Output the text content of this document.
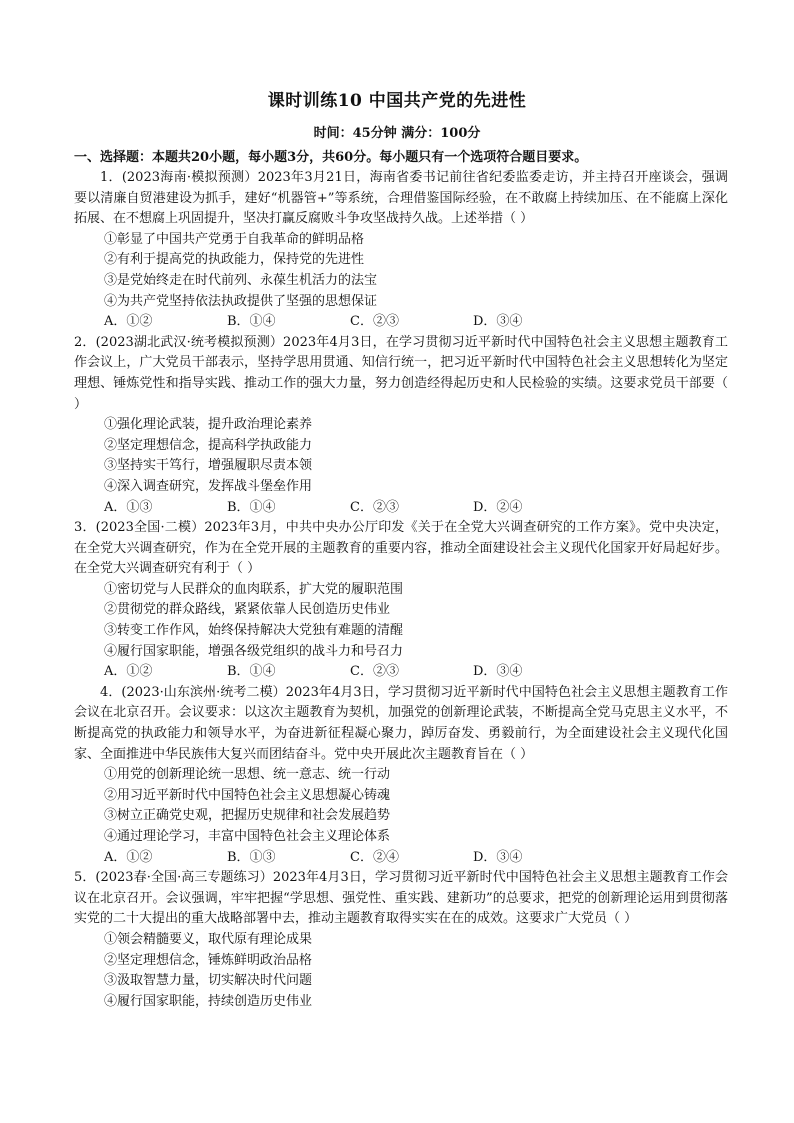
课时训练10 中国共产党的先进性
时间：45分钟 满分：100分
一、选择题：本题共20小题，每小题3分，共60分。每小题只有一个选项符合题目要求。

1．(2023海南·模拟预测）2023年3月21日，海南省委书记前往省纪委监委走访，并主持召开座谈会，强调要以清廉自贸港建设为抓手，建好“机器管+”等系统，合理借鉴国际经验，在不敢腐上持续加压、在不能腐上深化拓展、在不想腐上巩固提升，坚决打赢反腐败斗争攻坚战持久战。上述举措（ ）

①彰显了中国共产党勇于自我革命的鲜明品格

②有利于提高党的执政能力，保持党的先进性

③是党始终走在时代前列、永葆生机活力的法宝

④为共产党坚持依法执政提供了坚强的思想保证

A．①②	B．①④	C．②③	D．③④

2．(2023湖北武汉·统考模拟预测）2023年4月3日，在学习贯彻习近平新时代中国特色社会主义思想主题教育工作会议上，广大党员干部表示，坚持学思用贯通、知信行统一，把习近平新时代中国特色社会主义思想转化为坚定理想、锤炼党性和指导实践、推动工作的强大力量，努力创造经得起历史和人民检验的实绩。这要求党员干部要（ ）

①强化理论武装，提升政治理论素养

②坚定理想信念，提高科学执政能力

③坚持实干笃行，增强履职尽责本领

④深入调查研究，发挥战斗堡垒作用

A．①③	B．①④	C．②③	D．②④

3．(2023全国·二模）2023年3月，中共中央办公厅印发《关于在全党大兴调查研究的工作方案》。党中央决定，在全党大兴调查研究，作为在全党开展的主题教育的重要内容，推动全面建设社会主义现代化国家开好局起好步。在全党大兴调查研究有利于（ ）

①密切党与人民群众的血肉联系，扩大党的履职范围

②贯彻党的群众路线，紧紧依靠人民创造历史伟业

③转变工作作风，始终保持解决大党独有难题的清醒

④履行国家职能，增强各级党组织的战斗力和号召力

A．①②	B．①④	C．②③	D．③④

4．(2023·山东滨州·统考二模）2023年4月3日，学习贯彻习近平新时代中国特色社会主义思想主题教育工作会议在北京召开。会议要求：以这次主题教育为契机，加强党的创新理论武装，不断提高全党马克思主义水平，不断提高党的执政能力和领导水平，为奋进新征程凝心聚力，踔厉奋发、勇毅前行，为全面建设社会主义现代化国家、全面推进中华民族伟大复兴而团结奋斗。党中央开展此次主题教育旨在（ ）

①用党的创新理论统一思想、统一意志、统一行动

②用习近平新时代中国特色社会主义思想凝心铸魂

③树立正确党史观，把握历史规律和社会发展趋势

④通过理论学习，丰富中国特色社会主义理论体系

A．①②	B．①③	C．②④	D．③④

5．(2023春·全国·高三专题练习）2023年4月3日，学习贯彻习近平新时代中国特色社会主义思想主题教育工作会议在北京召开。会议强调，牢牢把握“学思想、强党性、重实践、建新功”的总要求，把党的创新理论运用到贯彻落实党的二十大提出的重大战略部署中去，推动主题教育取得实实在在的成效。这要求广大党员（ ）

①领会精髓要义，取代原有理论成果

②坚定理想信念，锤炼鲜明政治品格

③汲取智慧力量，切实解决时代问题

④履行国家职能，持续创造历史伟业
